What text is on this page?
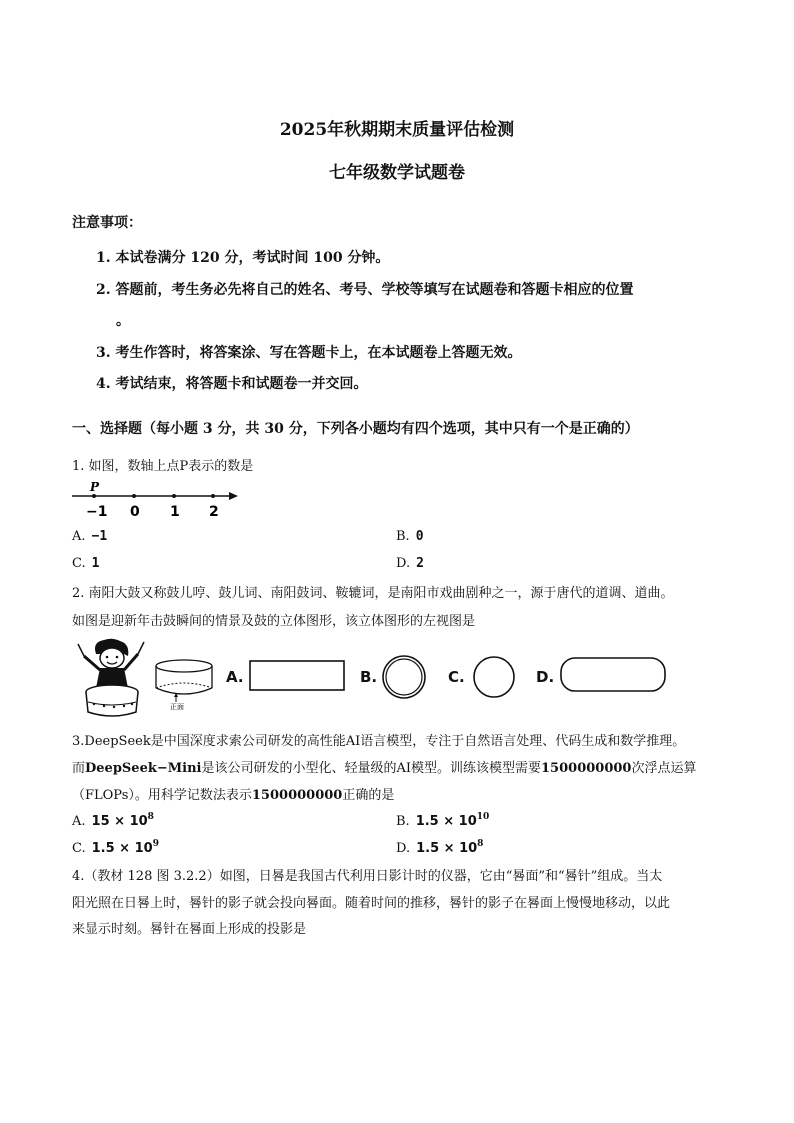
2025年秋期期末质量评估检测
七年级数学试题卷
注意事项：
1. 本试卷满分 120 分，考试时间 100 分钟。
2. 答题前，考生务必先将自己的姓名、考号、学校等填写在试题卷和答题卡相应的位置
。
3. 考生作答时，将答案涂、写在答题卡上，在本试题卷上答题无效。
4. 考试结束，将答题卡和试题卷一并交回。
一、选择题（每小题 3 分，共 30 分，下列各小题均有四个选项，其中只有一个是正确的）
1. 如图，数轴上点P表示的数是
P
−1 0 1 2
A. −1	B. 0
C. 1	D. 2
2. 南阳大鼓又称鼓儿哼、鼓儿词、南阳鼓词、鞍辘词，是南阳市戏曲剧种之一，源于唐代的道调、道曲。
如图是迎新年击鼓瞬间的情景及鼓的立体图形，该立体图形的左视图是
正面
A.	B.	C.	D.
3.DeepSeek是中国深度求索公司研发的高性能AI语言模型，专注于自然语言处理、代码生成和数学推理。
而DeepSeek−Mini是该公司研发的小型化、轻量级的AI模型。训练该模型需要1500000000次浮点运算
（FLOPs）。用科学记数法表示1500000000正确的是
A. $15 \times 10^8$	B. $1.5 \times 10^{10}$
C. $1.5 \times 10^9$	D. $1.5 \times 10^8$
4.（教材 128 图 3.2.2）如图，日晷是我国古代利用日影计时的仪器，它由“晷面”和“晷针”组成。当太
阳光照在日晷上时，晷针的影子就会投向晷面。随着时间的推移，晷针的影子在晷面上慢慢地移动，以此
来显示时刻。晷针在晷面上形成的投影是
